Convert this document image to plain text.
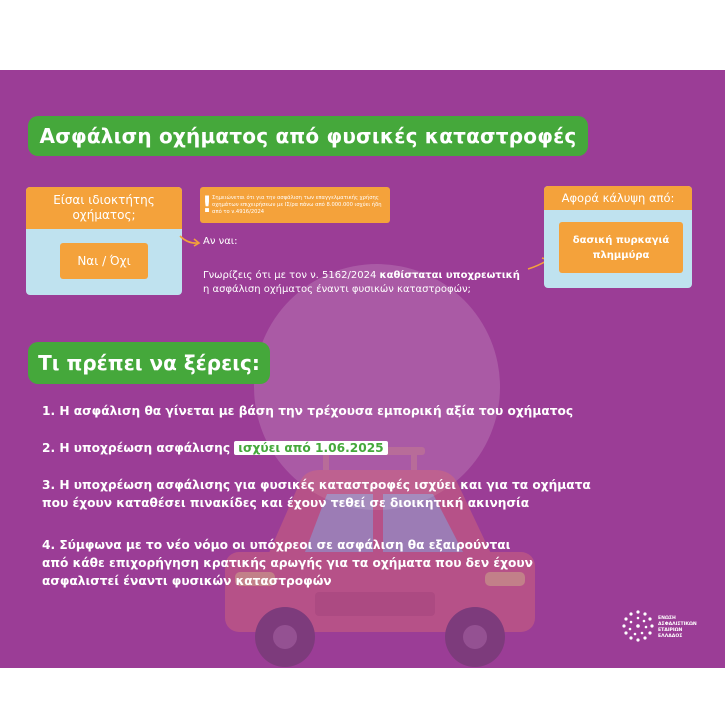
Ασφάλιση οχήματος από φυσικές καταστροφές
Είσαι ιδιοκτήτης οχήματος;
Ναι / Όχι
! Σημειώνεται ότι για την ασφάλιση των επαγγελματικής χρήσης οχημάτων επιχειρήσεων με ΙΣ/ρα πάνω από 8.000.000 ισχύει ήδη από το ν.4916/2024
Αν ναι:
Γνωρίζεις ότι με τον ν. 5162/2024 καθίσταται υποχρεωτική
η ασφάλιση οχήματος έναντι φυσικών καταστροφών;
Αφορά κάλυψη από:
δασική πυρκαγιά
πλημμύρα
Τι πρέπει να ξέρεις:
1. Η ασφάλιση θα γίνεται με βάση την τρέχουσα εμπορική αξία του οχήματος
2. Η υποχρέωση ασφάλισης ισχύει από 1.06.2025
3. Η υποχρέωση ασφάλισης για φυσικές καταστροφές ισχύει και για τα οχήματα
που έχουν καταθέσει πινακίδες και έχουν τεθεί σε διοικητική ακινησία
4. Σύμφωνα με το νέο νόμο οι υπόχρεοι σε ασφάλιση θα εξαιρούνται
από κάθε επιχορήγηση κρατικής αρωγής για τα οχήματα που δεν έχουν
ασφαλιστεί έναντι φυσικών καταστροφών
ΕΝΩΣΗ
ΑΣΦΑΛΙΣΤΙΚΩΝ
ΕΤΑΙΡΙΩΝ
ΕΛΛΑΔΟΣ
